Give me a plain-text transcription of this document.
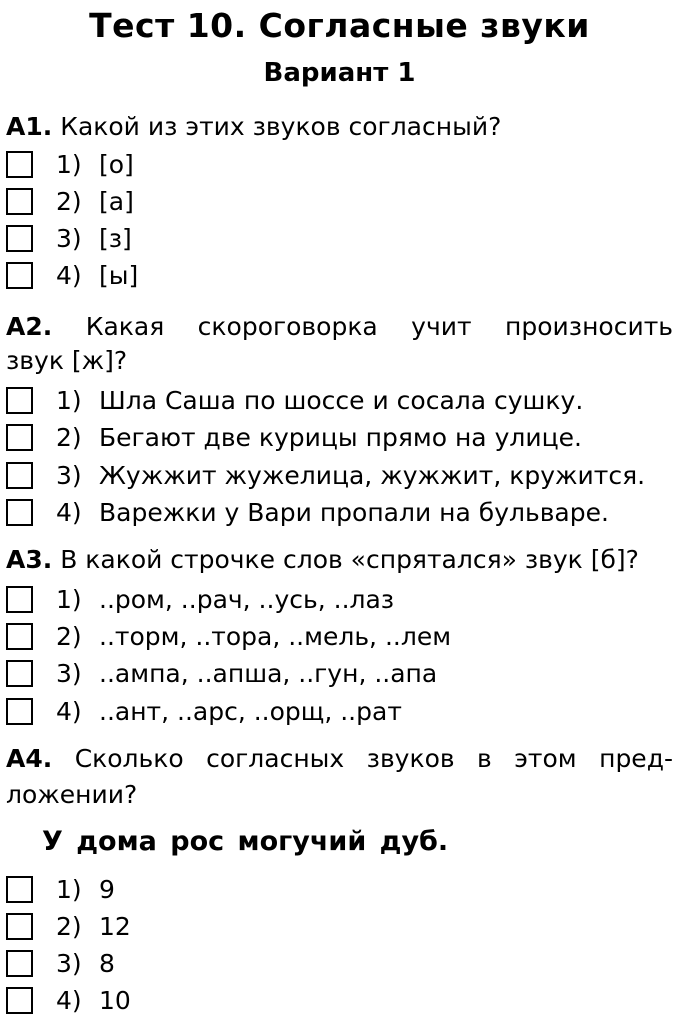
Тест 10. Согласные звуки
Вариант 1
А1. Какой из этих звуков согласный?
1) [о]
2) [а]
3) [з]
4) [ы]
А2. Какая скороговорка учит произносить
звук [ж]?
1) Шла Саша по шоссе и сосала сушку.
2) Бегают две курицы прямо на улице.
3) Жужжит жужелица, жужжит, кружится.
4) Варежки у Вари пропали на бульваре.
А3. В какой строчке слов «спрятался» звук [б]?
1) ..ром, ..рач, ..усь, ..лаз
2) ..торм, ..тора, ..мель, ..лем
3) ..ампа, ..апша, ..гун, ..апа
4) ..ант, ..арс, ..орщ, ..рат
А4. Сколько согласных звуков в этом пред-
ложении?
У дома рос могучий дуб.
1) 9
2) 12
3) 8
4) 10
